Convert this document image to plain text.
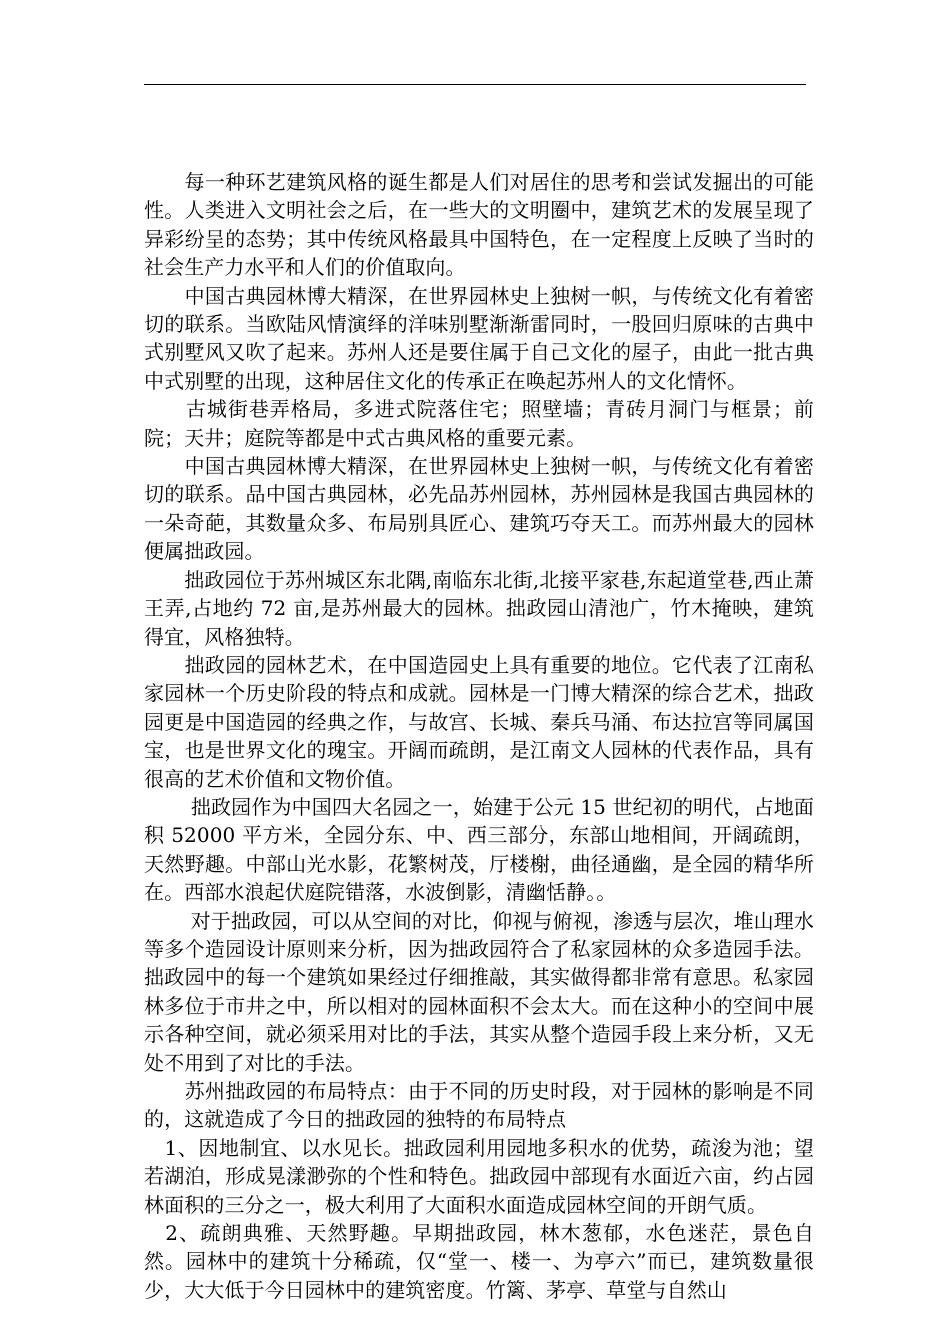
　　每一种环艺建筑风格的诞生都是人们对居住的思考和尝试发掘出的可能性。人类进入文明社会之后，在一些大的文明圈中，建筑艺术的发展呈现了异彩纷呈的态势；其中传统风格最具中国特色，在一定程度上反映了当时的社会生产力水平和人们的价值取向。

　　中国古典园林博大精深，在世界园林史上独树一帜，与传统文化有着密切的联系。当欧陆风情演绎的洋味别墅渐渐雷同时，一股回归原味的古典中式别墅风又吹了起来。苏州人还是要住属于自己文化的屋子，由此一批古典中式别墅的出现，这种居住文化的传承正在唤起苏州人的文化情怀。

　　古城街巷弄格局，多进式院落住宅；照壁墙；青砖月洞门与框景；前院；天井；庭院等都是中式古典风格的重要元素。

　　中国古典园林博大精深，在世界园林史上独树一帜，与传统文化有着密切的联系。品中国古典园林，必先品苏州园林，苏州园林是我国古典园林的一朵奇葩，其数量众多、布局别具匠心、建筑巧夺天工。而苏州最大的园林便属拙政园。

　　拙政园位于苏州城区东北隅,南临东北街,北接平家巷,东起道堂巷,西止萧王弄,占地约 72 亩,是苏州最大的园林。拙政园山清池广，竹木掩映，建筑得宜，风格独特。

　　拙政园的园林艺术，在中国造园史上具有重要的地位。它代表了江南私家园林一个历史阶段的特点和成就。园林是一门博大精深的综合艺术，拙政园更是中国造园的经典之作，与故宫、长城、秦兵马涌、布达拉宫等同属国宝，也是世界文化的瑰宝。开阔而疏朗，是江南文人园林的代表作品，具有很高的艺术价值和文物价值。

　　 拙政园作为中国四大名园之一，始建于公元 15 世纪初的明代，占地面积 52000 平方米，全园分东、中、西三部分，东部山地相间，开阔疏朗，天然野趣。中部山光水影，花繁树茂，厅楼榭，曲径通幽，是全园的精华所在。西部水浪起伏庭院错落，水波倒影，清幽恬静。。

　　 对于拙政园，可以从空间的对比，仰视与俯视，渗透与层次，堆山理水等多个造园设计原则来分析，因为拙政园符合了私家园林的众多造园手法。拙政园中的每一个建筑如果经过仔细推敲，其实做得都非常有意思。私家园林多位于市井之中，所以相对的园林面积不会太大。而在这种小的空间中展示各种空间，就必须采用对比的手法，其实从整个造园手段上来分析，又无处不用到了对比的手法。

　　苏州拙政园的布局特点：由于不同的历史时段，对于园林的影响是不同的，这就造成了今日的拙政园的独特的布局特点

　1、因地制宜、以水见长。拙政园利用园地多积水的优势，疏浚为池；望若湖泊，形成晃漾渺弥的个性和特色。拙政园中部现有水面近六亩，约占园林面积的三分之一，极大利用了大面积水面造成园林空间的开朗气质。

　2、疏朗典雅、天然野趣。早期拙政园，林木葱郁，水色迷茫，景色自然。园林中的建筑十分稀疏，仅“堂一、楼一、为亭六”而已，建筑数量很少，大大低于今日园林中的建筑密度。竹篱、茅亭、草堂与自然山
